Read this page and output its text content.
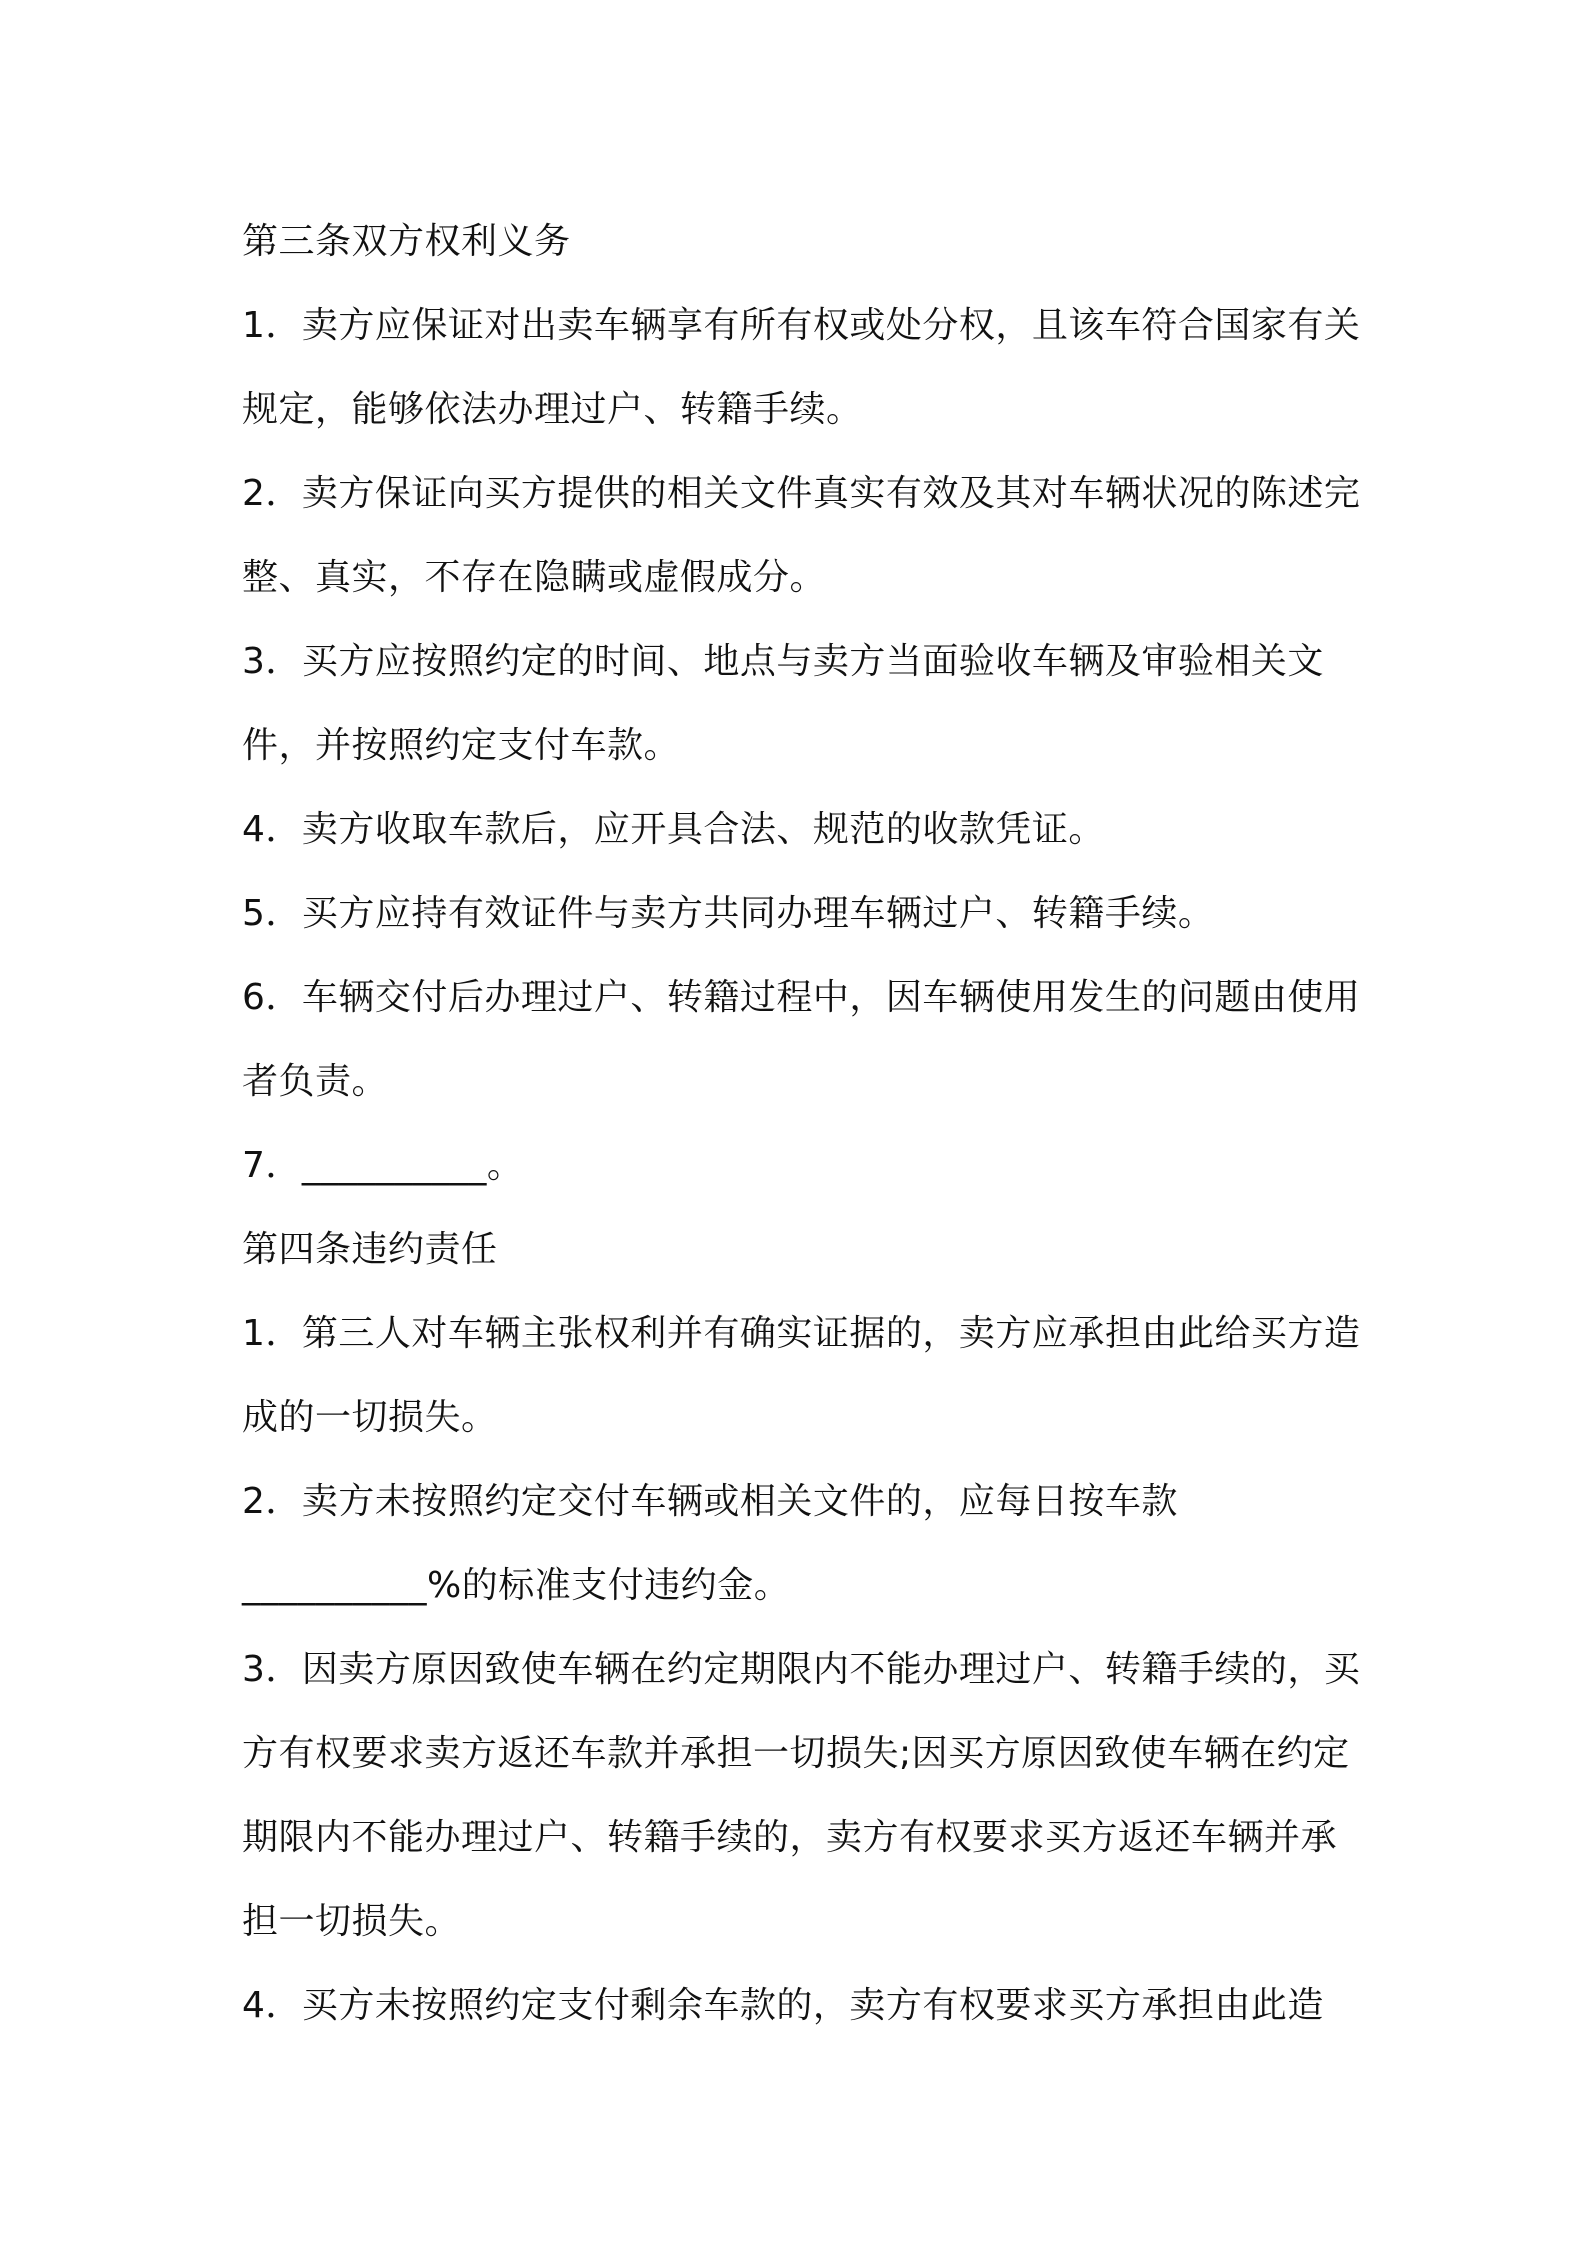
第三条双方权利义务

1．卖方应保证对出卖车辆享有所有权或处分权，且该车符合国家有关规定，能够依法办理过户、转籍手续。

2．卖方保证向买方提供的相关文件真实有效及其对车辆状况的陈述完整、真实，不存在隐瞒或虚假成分。

3．买方应按照约定的时间、地点与卖方当面验收车辆及审验相关文件，并按照约定支付车款。

4．卖方收取车款后，应开具合法、规范的收款凭证。

5．买方应持有效证件与卖方共同办理车辆过户、转籍手续。

6．车辆交付后办理过户、转籍过程中，因车辆使用发生的问题由使用者负责。

7．__________。

第四条违约责任

1．第三人对车辆主张权利并有确实证据的，卖方应承担由此给买方造成的一切损失。

2．卖方未按照约定交付车辆或相关文件的，应每日按车款

__________%的标准支付违约金。

3．因卖方原因致使车辆在约定期限内不能办理过户、转籍手续的，买方有权要求卖方返还车款并承担一切损失;因买方原因致使车辆在约定期限内不能办理过户、转籍手续的，卖方有权要求买方返还车辆并承担一切损失。

4．买方未按照约定支付剩余车款的，卖方有权要求买方承担由此造
